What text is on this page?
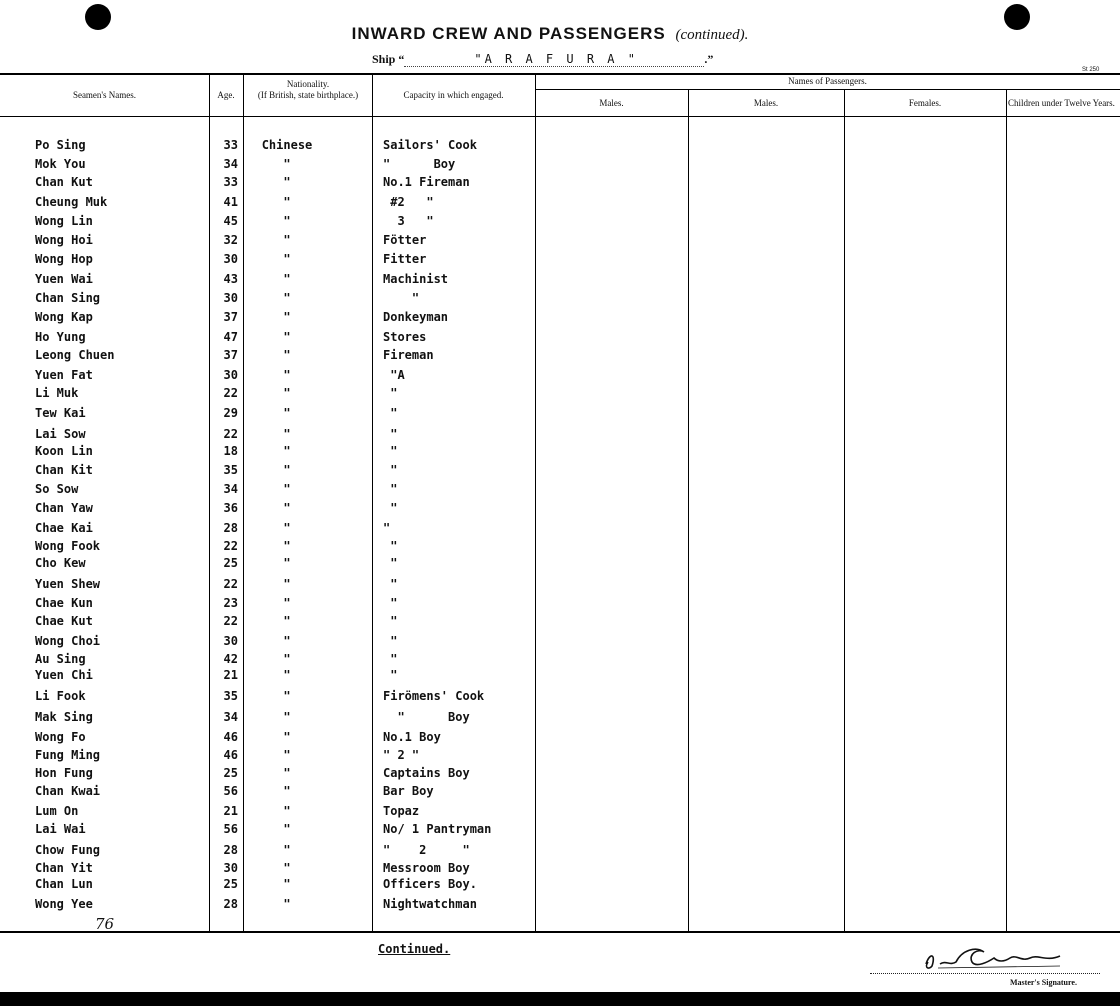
INWARD CREW AND PASSENGERS (continued).
Ship “	"A R A F U R A "	.”
St 250
Seamen's Names.	Age.
Nationality.
(If British, state birthplace.)	Capacity in which engaged.
Names of Passengers.
Males.	Males.	Females.	Children under Twelve Years.
Po Sing	33	Chinese	Sailors' Cook
Mok You	34	"	"      Boy
Chan Kut	33	"	No.1 Fireman
Cheung Muk	41	"	#2   "
Wong Lin	45	"	3   "
Wong Hoi	32	"	Fötter
Wong Hop	30	"	Fitter
Yuen Wai	43	"	Machinist
Chan Sing	30	"	"
Wong Kap	37	"	Donkeyman
Ho Yung	47	"	Stores
Leong Chuen	37	"	Fireman
Yuen Fat	30	"	"A
Li Muk	22	"	"
Tew Kai	29	"	"
Lai Sow	22	"	"
Koon Lin	18	"	"
Chan Kit	35	"	"
So Sow	34	"	"
Chan Yaw	36	"	"
Chae Kai	28	"	"
Wong Fook	22	"	"
Cho Kew	25	"	"
Yuen Shew	22	"	"
Chae Kun	23	"	"
Chae Kut	22	"	"
Wong Choi	30	"	"
Au Sing	42	"	"
Yuen Chi	21	"	"
Li Fook	35	"	Firömens' Cook
Mak Sing	34	"	"      Boy
Wong Fo	46	"	No.1 Boy
Fung Ming	46	"	" 2 "
Hon Fung	25	"	Captains Boy
Chan Kwai	56	"	Bar Boy
Lum On	21	"	Topaz
Lai Wai	56	"	No/ 1 Pantryman
Chow Fung	28	"	"    2     "
Chan Yit	30	"	Messroom Boy
Chan Lun	25	"	Officers Boy.
Wong Yee	28	"	Nightwatchman
76
Continued.
Master's Signature.
